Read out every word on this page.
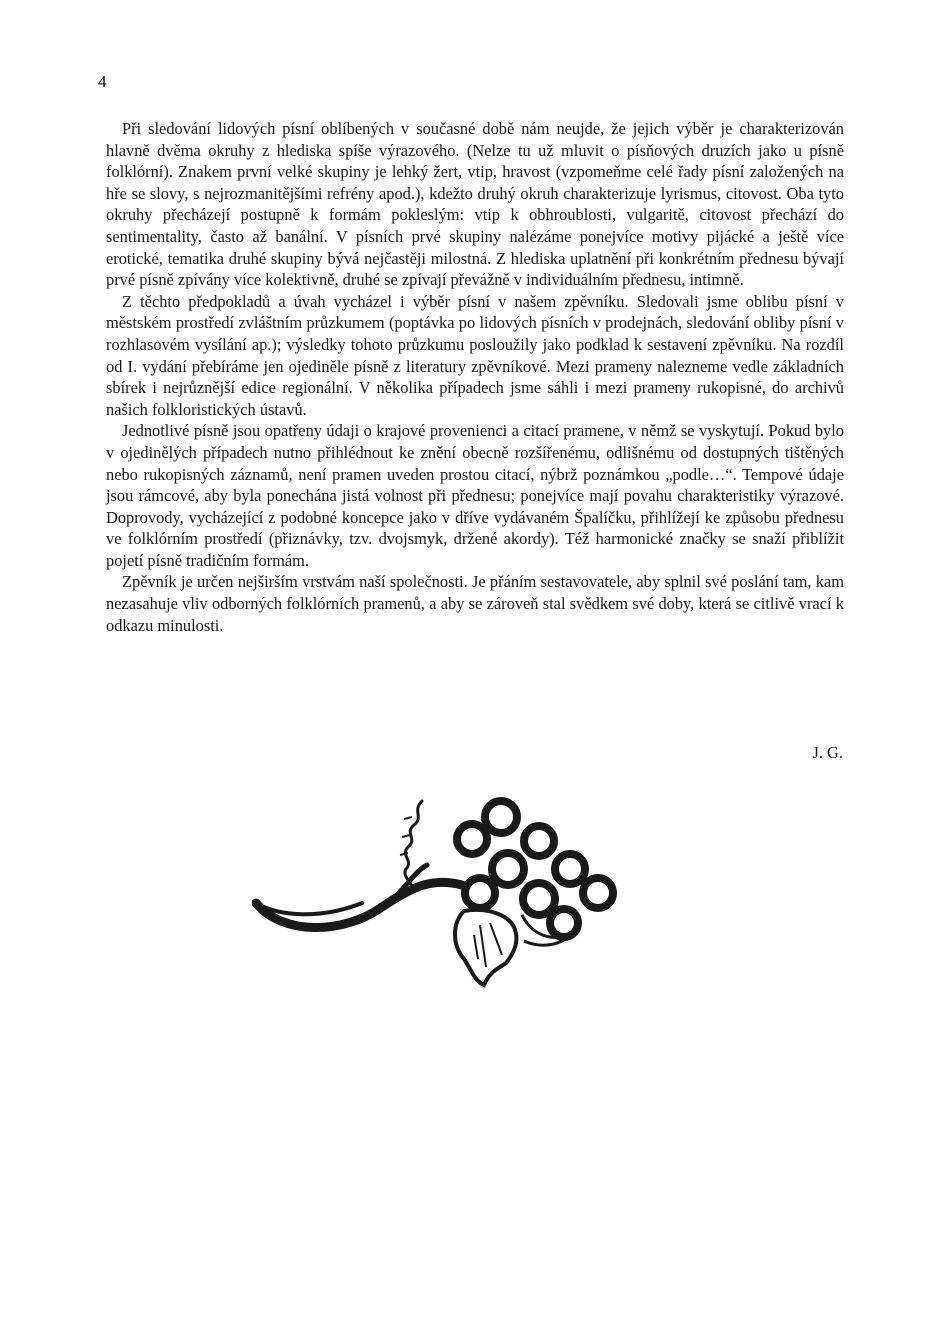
4

Při sledování lidových písní oblíbených v současné době nám neujde, že jejich výběr je charakterizován hlavně dvěma okruhy z hlediska spíše výrazového. (Nelze tu už mluvit o písňových druzích jako u písně folklórní). Znakem první velké skupiny je lehký žert, vtip, hravost (vzpomeňme celé řady písní založených na hře se slovy, s nejrozmanitějšími refrény apod.), kdežto druhý okruh charakterizuje lyrismus, citovost. Oba tyto okruhy přecházejí postupně k formám pokleslým: vtip k obhroublosti, vulgaritě, citovost přechází do sentimentality, často až banální. V písních prvé skupiny nalézáme ponejvíce motivy pijácké a ještě více erotické, tematika druhé skupiny bývá nejčastěji milostná. Z hlediska uplatnění při konkrétním přednesu bývají prvé písně zpívány více kolektivně, druhé se zpívají převážně v individuálním přednesu, intimně.

Z těchto předpokladů a úvah vycházel i výběr písní v našem zpěvníku. Sledovali jsme oblibu písní v městském prostředí zvláštním průzkumem (poptávka po lidových písních v prodejnách, sledování obliby písní v rozhlasovém vysílání ap.); výsledky tohoto průzkumu posloužily jako podklad k sestavení zpěvníku. Na rozdíl od I. vydání přebíráme jen ojediněle písně z literatury zpěvníkové. Mezi prameny nalezneme vedle základních sbírek i nejrůznější edice regionální. V několika případech jsme sáhli i mezi prameny rukopisné, do archivů našich folkloristických ústavů.

Jednotlivé písně jsou opatřeny údaji o krajové provenienci a citací pramene, v němž se vyskytují. Pokud bylo v ojedinělých případech nutno přihlédnout ke znění obecně rozšířenému, odlišnému od dostupných tištěných nebo rukopisných záznamů, není pramen uveden prostou citací, nýbrž poznámkou „podle…“. Tempové údaje jsou rámcové, aby byla ponechána jistá volnost při přednesu; ponejvíce mají povahu charakteristiky výrazové. Doprovody, vycházející z podobné koncepce jako v dříve vydávaném Špalíčku, přihlížejí ke způsobu přednesu ve folklórním prostředí (přiznávky, tzv. dvojsmyk, držené akordy). Též harmonické značky se snaží přiblížit pojetí písně tradičním formám.

Zpěvník je určen nejširším vrstvám naší společnosti. Je přáním sestavovatele, aby splnil své poslání tam, kam nezasahuje vliv odborných folklórních pramenů, a aby se zároveň stal svědkem své doby, která se citlivě vrací k odkazu minulosti.

J. G.
